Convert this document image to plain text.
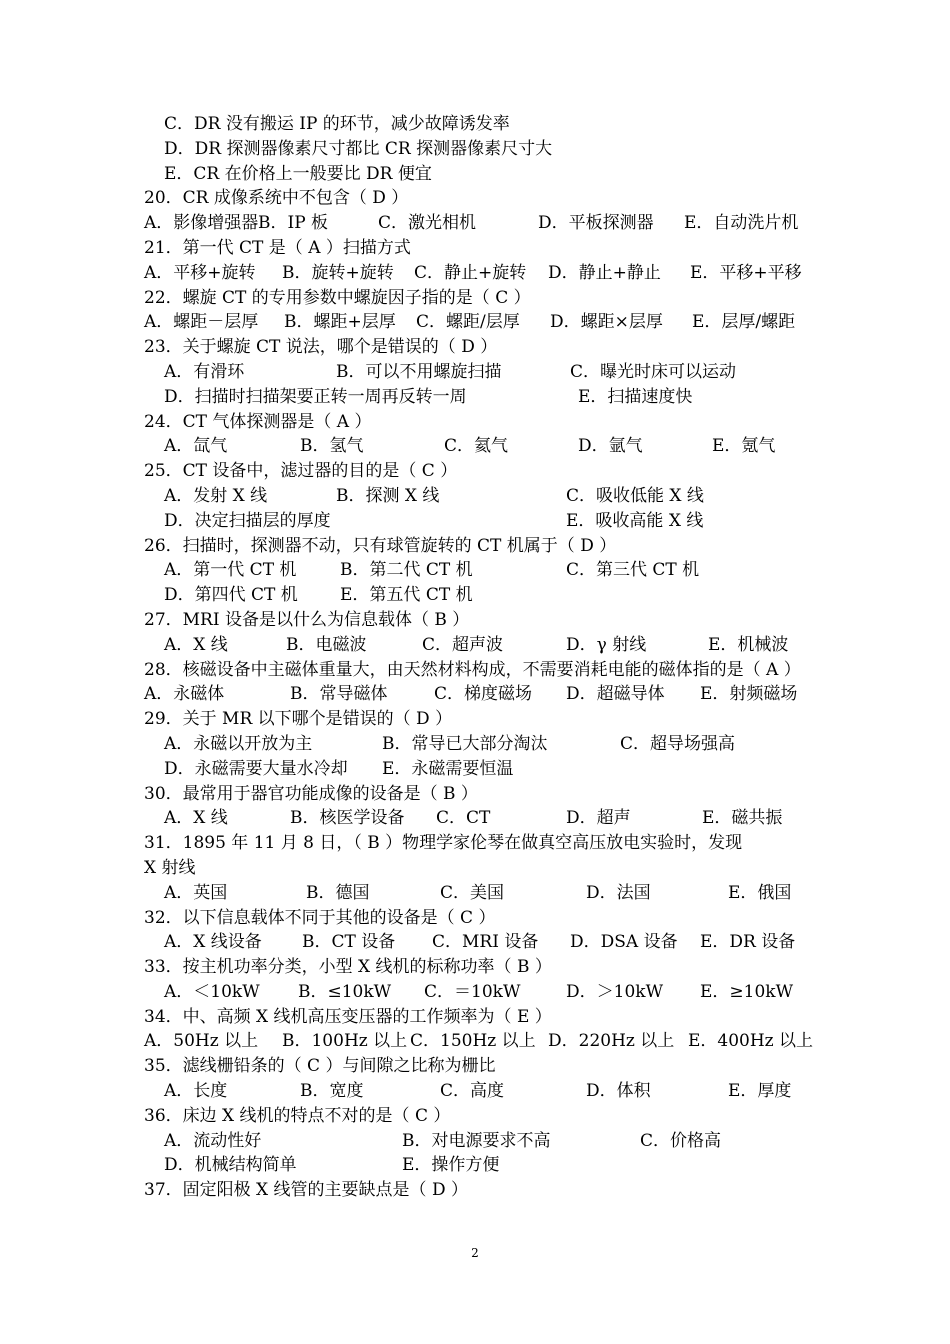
C．DR 没有搬运 IP 的环节，减少故障诱发率
D．DR 探测器像素尺寸都比 CR 探测器像素尺寸大
E．CR 在价格上一般要比 DR 便宜
20．CR 成像系统中不包含（ D ）
A．影像增强器 B．IP 板	C．激光相机	D．平板探测器 E．自动洗片机
21．第一代 CT 是（ A ）扫描方式
A．平移+旋转 B．旋转+旋转 C．静止+旋转 D．静止+静止 E．平移+平移
22．螺旋 CT 的专用参数中螺旋因子指的是（ C ）
A．螺距－层厚 B．螺距+层厚 C．螺距/层厚 D．螺距×层厚 E．层厚/螺距
23．关于螺旋 CT 说法，哪个是错误的（ D ）
A．有滑环	B．可以不用螺旋扫描	C．曝光时床可以运动
D．扫描时扫描架要正转一周再反转一周	E．扫描速度快
24．CT 气体探测器是（ A ）
A．氙气	B．氢气	C．氦气	D．氩气	E．氪气
25．CT 设备中，滤过器的目的是（ C ）
A．发射 X 线	B．探测 X 线	C．吸收低能 X 线
D．决定扫描层的厚度	E．吸收高能 X 线
26．扫描时，探测器不动，只有球管旋转的 CT 机属于（ D ）
A．第一代 CT 机	B．第二代 CT 机	C．第三代 CT 机
D．第四代 CT 机 E．第五代 CT 机
27．MRI 设备是以什么为信息载体（ B ）
A．X 线	B．电磁波	C．超声波	D．γ 射线	E．机械波
28．核磁设备中主磁体重量大，由天然材料构成，不需要消耗电能的磁体指的是（ A ）
A．永磁体	B．常导磁体	C．梯度磁场 D．超磁导体 E．射频磁场
29．关于 MR 以下哪个是错误的（ D ）
A．永磁以开放为主	B．常导已大部分淘汰	C．超导场强高
D．永磁需要大量水冷却 E．永磁需要恒温
30．最常用于器官功能成像的设备是（ B ）
A．X 线	B．核医学设备 C．CT	D．超声	E．磁共振
31．1895 年 11 月 8 日，（ B ）物理学家伦琴在做真空高压放电实验时，发现
X 射线
A．英国	B．德国	C．美国	D．法国	E．俄国
32．以下信息载体不同于其他的设备是（ C ）
A．X 线设备 B．CT 设备 C．MRI 设备 D．DSA 设备 E．DR 设备
33．按主机功率分类，小型 X 线机的标称功率（ B ）
A．＜10kW B．≤10kW C．＝10kW	D．＞10kW E．≥10kW
34．中、高频 X 线机高压变压器的工作频率为（ E ）
A．50Hz 以上 B．100Hz 以上 C．150Hz 以上 D．220Hz 以上 E．400Hz 以上
35．滤线栅铅条的（ C ）与间隙之比称为栅比
A．长度	B．宽度	C．高度	D．体积	E．厚度
36．床边 X 线机的特点不对的是（ C ）
A．流动性好	B．对电源要求不高	C．价格高
D．机械结构简单	E．操作方便
37．固定阳极 X 线管的主要缺点是（ D ）
2
